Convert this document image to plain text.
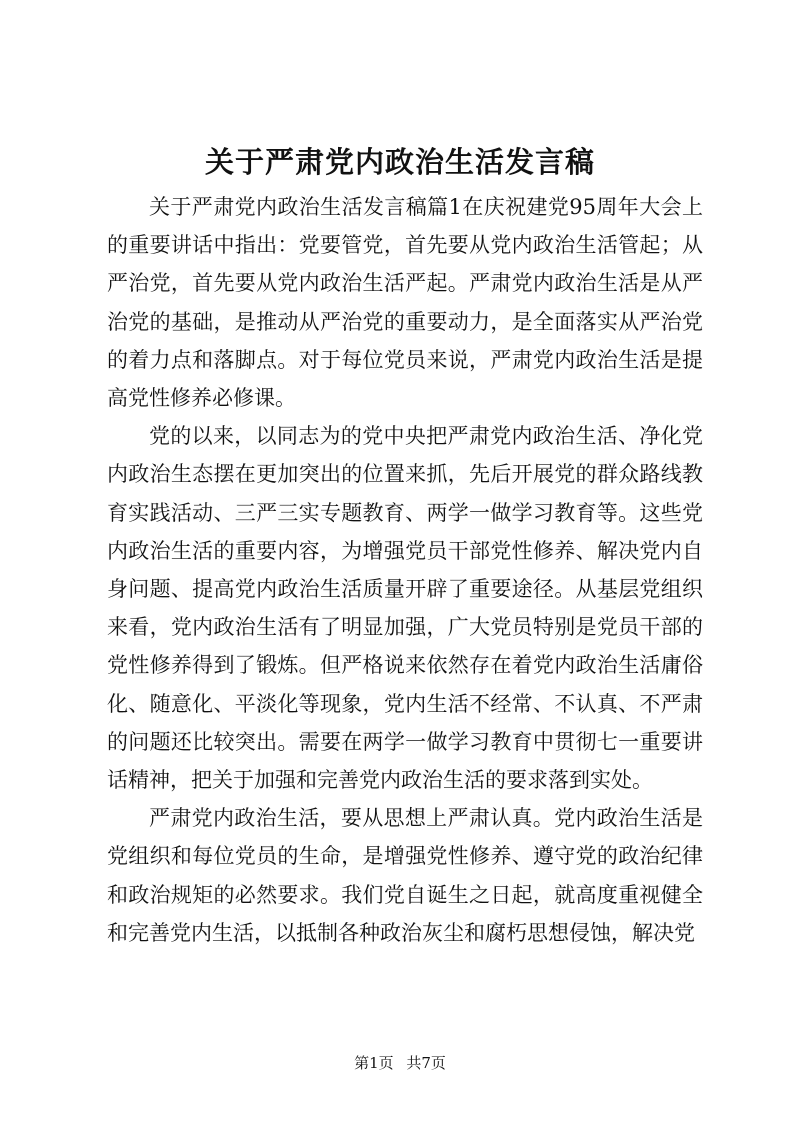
关于严肃党内政治生活发言稿

关于严肃党内政治生活发言稿篇1在庆祝建党95周年大会上的重要讲话中指出：党要管党，首先要从党内政治生活管起；从严治党，首先要从党内政治生活严起。严肃党内政治生活是从严治党的基础，是推动从严治党的重要动力，是全面落实从严治党的着力点和落脚点。对于每位党员来说，严肃党内政治生活是提高党性修养必修课。

党的以来，以同志为的党中央把严肃党内政治生活、净化党内政治生态摆在更加突出的位置来抓，先后开展党的群众路线教育实践活动、三严三实专题教育、两学一做学习教育等。这些党内政治生活的重要内容，为增强党员干部党性修养、解决党内自身问题、提高党内政治生活质量开辟了重要途径。从基层党组织来看，党内政治生活有了明显加强，广大党员特别是党员干部的党性修养得到了锻炼。但严格说来依然存在着党内政治生活庸俗化、随意化、平淡化等现象，党内生活不经常、不认真、不严肃的问题还比较突出。需要在两学一做学习教育中贯彻七一重要讲话精神，把关于加强和完善党内政治生活的要求落到实处。

严肃党内政治生活，要从思想上严肃认真。党内政治生活是党组织和每位党员的生命，是增强党性修养、遵守党的政治纪律和政治规矩的必然要求。我们党自诞生之日起，就高度重视健全和完善党内生活，以抵制各种政治灰尘和腐朽思想侵蚀，解决党

第1页 共7页
